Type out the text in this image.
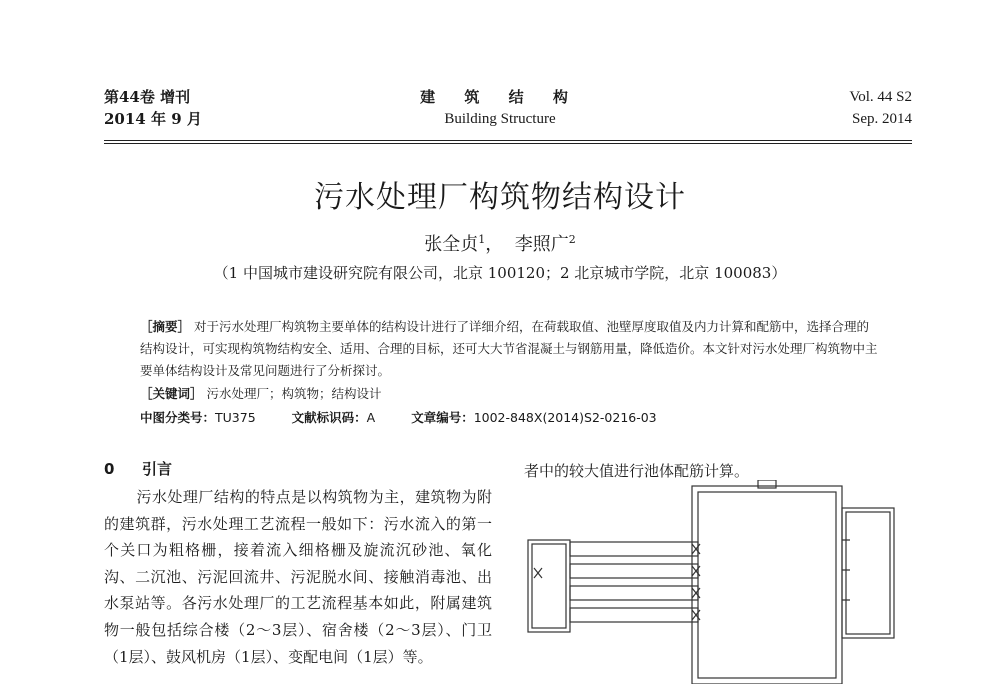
第44卷 增刊
2014 年 9 月
建 筑 结 构
Building Structure
Vol. 44 S2
Sep. 2014
污水处理厂构筑物结构设计
张全贞$^1$， 李照广$^2$
（1 中国城市建设研究院有限公司，北京 100120；2 北京城市学院，北京 100083）
［摘要］ 对于污水处理厂构筑物主要单体的结构设计进行了详细介绍，在荷载取值、池壁厚度取值及内力计算和配筋中，选择合理的结构设计，可实现构筑物结构安全、适用、合理的目标，还可大大节省混凝土与钢筋用量，降低造价。本文针对污水处理厂构筑物中主要单体结构设计及常见问题进行了分析探讨。
［关键词］ 污水处理厂；构筑物；结构设计
中图分类号：TU375	文献标识码：A	文章编号：1002-848X(2014)S2-0216-03
0 引言
污水处理厂结构的特点是以构筑物为主，建筑物为附的建筑群，污水处理工艺流程一般如下：污水流入的第一个关口为粗格栅，接着流入细格栅及旋流沉砂池、氧化沟、二沉池、污泥回流井、污泥脱水间、接触消毒池、出水泵站等。各污水处理厂的工艺流程基本如此，附属建筑物一般包括综合楼（2～3层）、宿舍楼（2～3层）、门卫（1层）、鼓风机房（1层）、变配电间（1层）等。
者中的较大值进行池体配筋计算。
